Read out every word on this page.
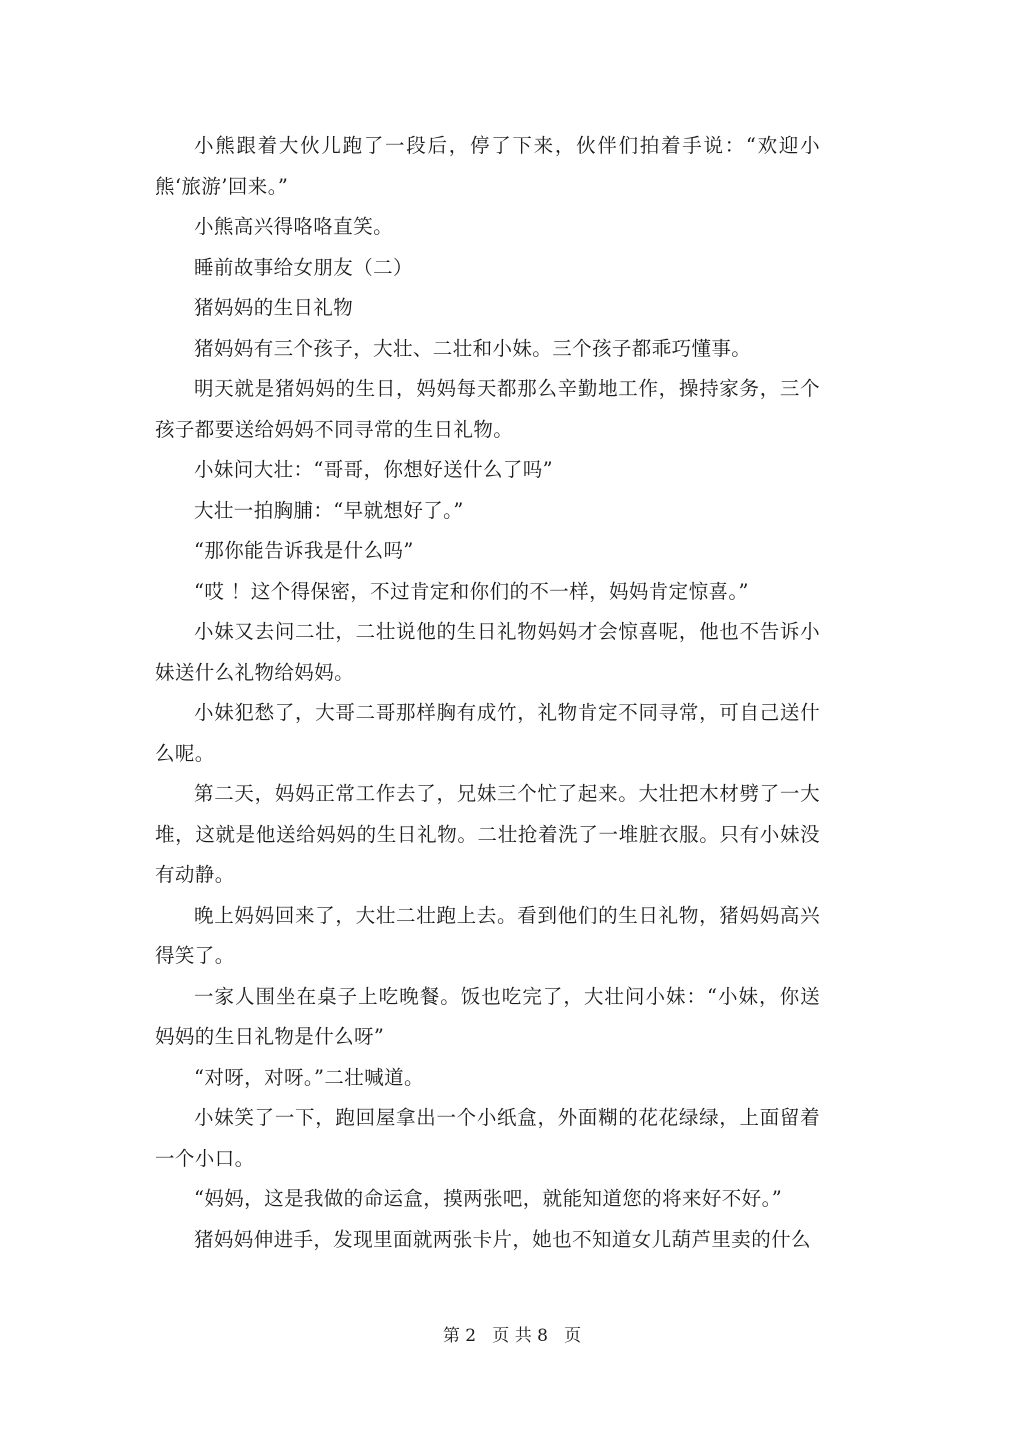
小熊跟着大伙儿跑了一段后，停了下来，伙伴们拍着手说：“欢迎小熊‘旅游’回来。”

小熊高兴得咯咯直笑。

睡前故事给女朋友（二）

猪妈妈的生日礼物

猪妈妈有三个孩子，大壮、二壮和小妹。三个孩子都乖巧懂事。

明天就是猪妈妈的生日，妈妈每天都那么辛勤地工作，操持家务，三个孩子都要送给妈妈不同寻常的生日礼物。

小妹问大壮：“哥哥，你想好送什么了吗”

大壮一拍胸脯：“早就想好了。”

“那你能告诉我是什么吗”

“哎 ！这个得保密，不过肯定和你们的不一样，妈妈肯定惊喜。”

小妹又去问二壮，二壮说他的生日礼物妈妈才会惊喜呢，他也不告诉小妹送什么礼物给妈妈。

小妹犯愁了，大哥二哥那样胸有成竹，礼物肯定不同寻常，可自己送什么呢。

第二天，妈妈正常工作去了，兄妹三个忙了起来。大壮把木材劈了一大堆，这就是他送给妈妈的生日礼物。二壮抢着洗了一堆脏衣服。只有小妹没有动静。

晚上妈妈回来了，大壮二壮跑上去。看到他们的生日礼物，猪妈妈高兴得笑了。

一家人围坐在桌子上吃晚餐。饭也吃完了，大壮问小妹：“小妹，你送妈妈的生日礼物是什么呀”

“对呀，对呀。”二壮喊道。

小妹笑了一下，跑回屋拿出一个小纸盒，外面糊的花花绿绿，上面留着一个小口。

“妈妈，这是我做的命运盒，摸两张吧，就能知道您的将来好不好。”

猪妈妈伸进手，发现里面就两张卡片，她也不知道女儿葫芦里卖的什么

第 2   页 共 8   页
